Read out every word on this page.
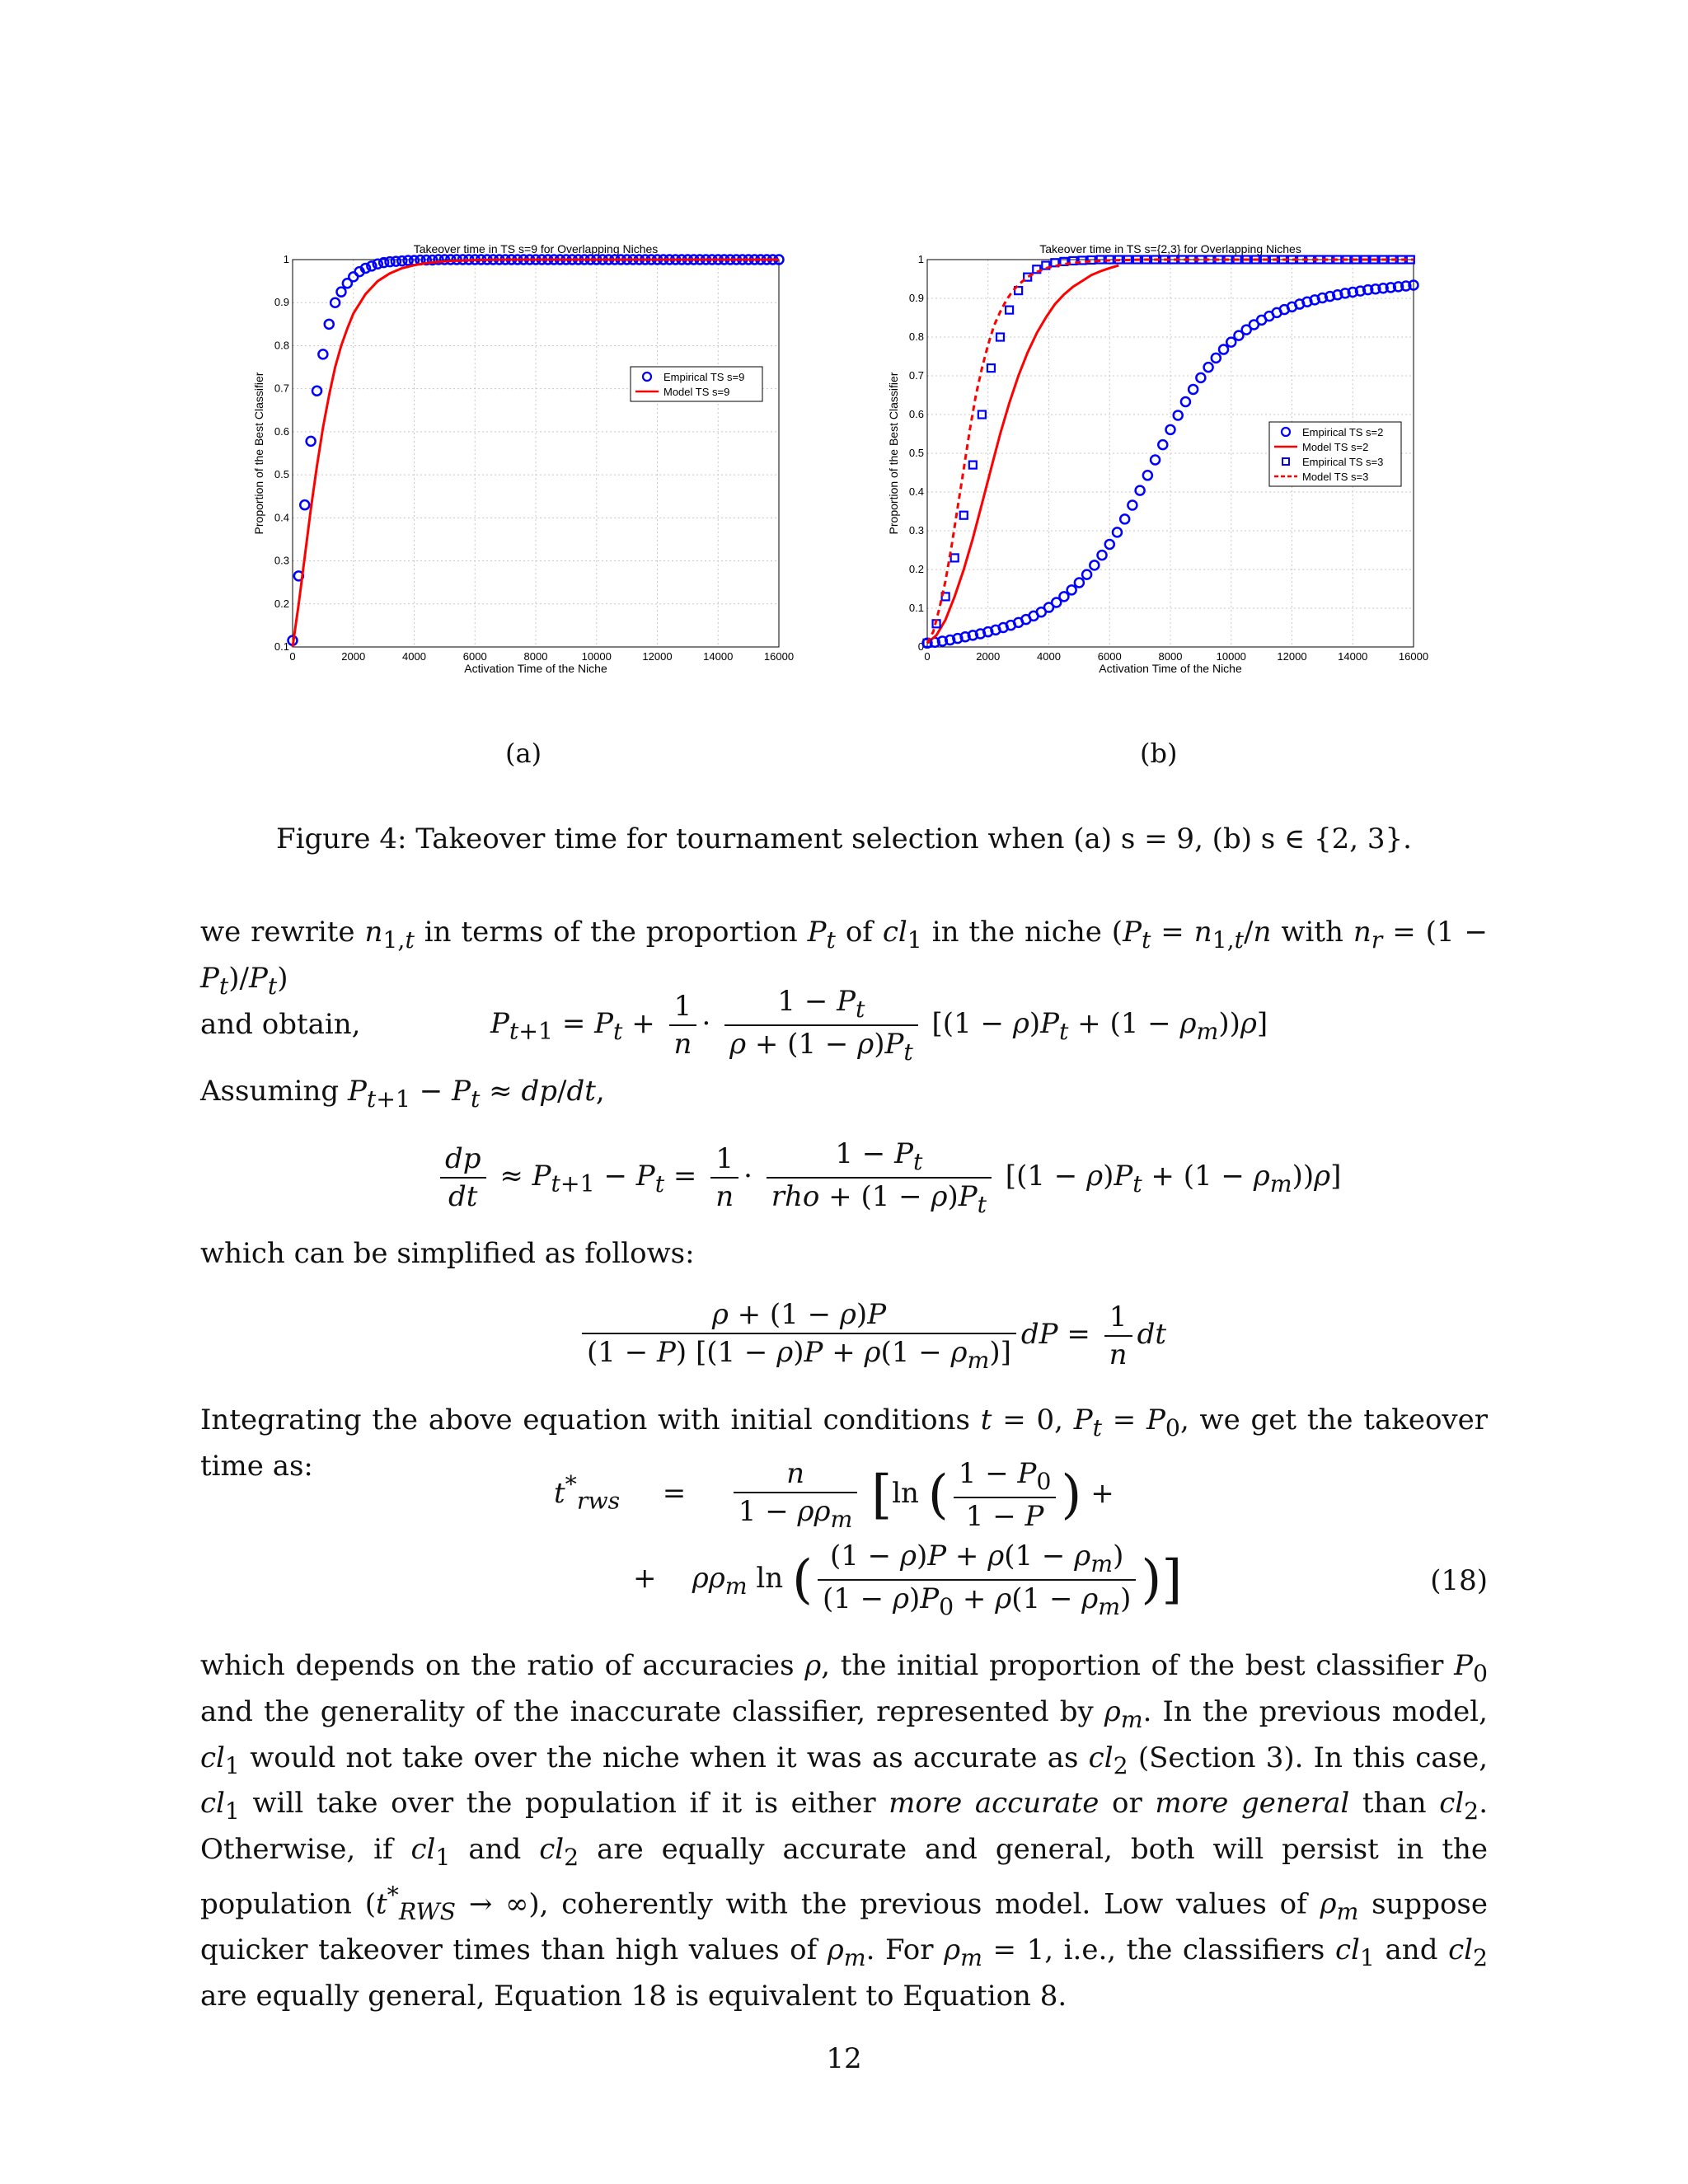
0	2000	4000	6000	8000	10000	12000	14000	16000
0.1
0.2
0.3
0.4
0.5
0.6
0.7
0.8
0.9
1
Takeover time in TS s=9 for Overlapping Niches
Activation Time of the Niche
Proportion of the Best Classifier	Empirical TS s=9
Model TS s=9
0	2000	4000	6000	8000	10000	12000	14000	16000
0
0.1
0.2
0.3
0.4
0.5
0.6
0.7
0.8
0.9
1
Takeover time in TS s={2,3} for Overlapping Niches
Activation Time of the Niche
Proportion of the Best Classifier	Empirical TS s=2
Model TS s=2
Empirical TS s=3
Model TS s=3
(a)	(b)
Figure 4: Takeover time for tournament selection when (a) s = 9, (b) s ∈ {2, 3}.
we rewrite $n_{1,t}$ in terms of the proportion $P_t$ of $cl_1$ in the niche ($P_t = n_{1,t}/n$ with $n_r = (1 - P_t)/P_t$)
and obtain,	$P_{t+1} = P_t + \frac{1}{n} \cdot \frac{1 - P_t}{\rho + (1 - \rho)P_t} [(1 - \rho)P_t + (1 - \rho_m))\rho$]
Assuming $P_{t+1} - P_t \approx dp/dt$,
$\frac{dp}{dt} \approx P_{t+1} - P_t = \frac{1}{n} \cdot \frac{1 - P_t}{rho + (1 - \rho)P_t} [(1 - \rho)P_t + (1 - \rho_m))\rho$]
which can be simplified as follows:
$\frac{\rho + (1 - \rho)P}{(1 - P) [(1 - \rho)P + \rho(1 - \rho_m)]}$ dP = $\frac{1}{n}$ dt
Integrating the above equation with initial conditions t = 0, $P_t = P_0$, we get the takeover time as:
$t^*_{rws} = \frac{n}{1 - \rho\rho_m} [\ln$ ( $\frac{1 - P_0}{1 - P}$ ) +
+    $\rho\rho_m$ ln ( $\frac{(1 - \rho)P + \rho(1 - \rho_m)}{(1 - \rho)P_0 + \rho(1 - \rho_m)}$ )]	(18)
which depends on the ratio of accuracies ρ, the initial proportion of the best classifier $P_0$ and the generality of the inaccurate classifier, represented by $\rho_m$. In the previous model, $cl_1$ would not take over the niche when it was as accurate as $cl_2$ (Section 3). In this case, $cl_1$ will take over the population if it is either more accurate or more general than $cl_2$. Otherwise, if $cl_1$ and $cl_2$ are equally accurate and general, both will persist in the population ($t^*_{RWS}$ → ∞), coherently with the previous model. Low values of $\rho_m$ suppose quicker takeover times than high values of $\rho_m$. For $\rho_m = 1$, i.e., the classifiers $cl_1$ and $cl_2$ are equally general, Equation 18 is equivalent to Equation 8.
12
